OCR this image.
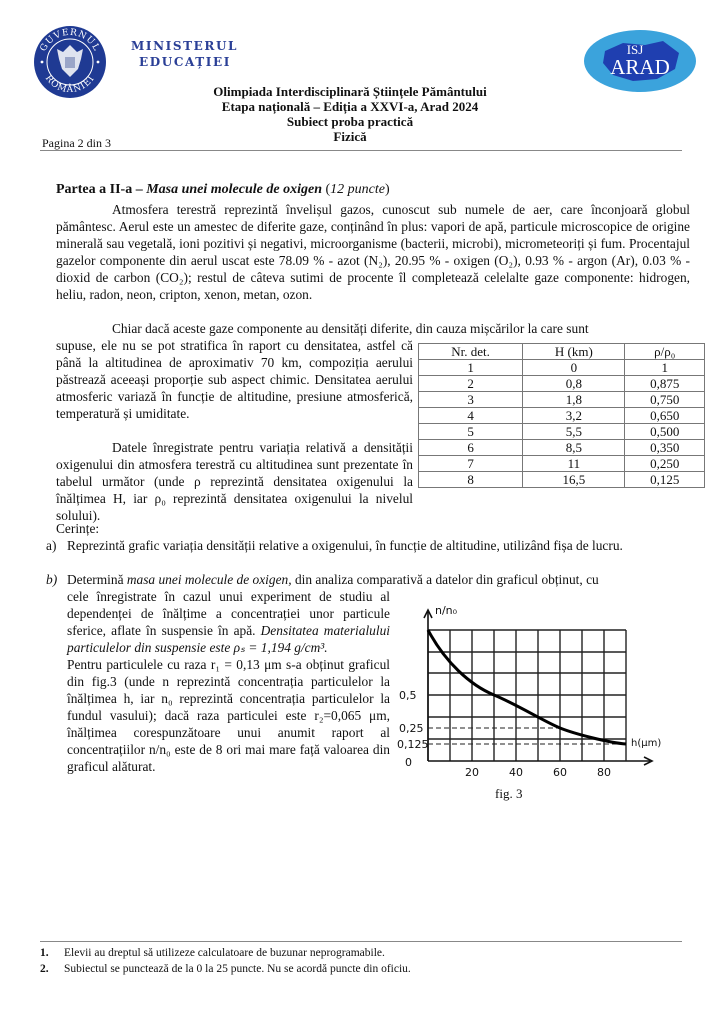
GUVERNUL
ROMÂNIEI
MINISTERUL
EDUCAȚIEI
ISJ
ARAD
Olimpiada Interdisciplinară Științele Pământului
Etapa națională – Ediția a XXVI-a, Arad 2024
Subiect proba practică
Fizică
Pagina 2 din 3
Partea a II-a – Masa unei molecule de oxigen (12 puncte)
Atmosfera terestră reprezintă învelișul gazos, cunoscut sub numele de aer, care înconjoară globul pământesc. Aerul este un amestec de diferite gaze, conținând în plus: vapori de apă, particule microscopice de origine minerală sau vegetală, ioni pozitivi și negativi, microorganisme (bacterii, microbi), micrometeoriți și fum. Procentajul gazelor componente din aerul uscat este 78.09 % - azot (N₂), 20.95 % - oxigen (O₂), 0.93 % - argon (Ar), 0.03 % - dioxid de carbon (CO₂); restul de câteva sutimi de procente îl completează celelalte gaze componente: hidrogen, heliu, radon, neon, cripton, xenon, metan, ozon.
Chiar dacă aceste gaze componente au densități diferite, din cauza mișcărilor la care sunt
supuse, ele nu se pot stratifica în raport cu densitatea, astfel că până la altitudinea de aproximativ 70 km, compoziția aerului păstrează aceeași proporție sub aspect chimic. Densitatea aerului atmosferic variază în funcție de altitudine, presiune atmosferică, temperatură și umiditate.
Datele înregistrate pentru variația relativă a densității oxigenului din atmosfera terestră cu altitudinea sunt prezentate în tabelul următor (unde ρ reprezintă densitatea oxigenului la înălțimea H, iar ρ₀ reprezintă densitatea oxigenului la nivelul solului).
Nr. det.	H (km)	ρ/ρ₀
1	0	1
2	0,8	0,875
3	1,8	0,750
4	3,2	0,650
5	5,5	0,500
6	8,5	0,350
7	11	0,250
8	16,5	0,125
Cerințe:
a) Reprezintă grafic variația densității relative a oxigenului, în funcție de altitudine, utilizând fișa de lucru.
b) Determină masa unei molecule de oxigen, din analiza comparativă a datelor din graficul obținut, cu
cele înregistrate în cazul unui experiment de studiu al dependenței de înălțime a concentrației unor particule sferice, aflate în suspensie în apă. Densitatea materialului particulelor din suspensie este ρₛ = 1,194 g/cm³.
Pentru particulele cu raza r₁ = 0,13 μm s-a obținut graficul din fig.3 (unde n reprezintă concentrația particulelor la înălțimea h, iar n₀ reprezintă concentrația particulelor la fundul vasului); dacă raza particulei este r₂=0,065 μm, înălțimea corespunzătoare unui anumit raport al concentrațiilor n/n₀ este de 8 ori mai mare față valoarea din graficul alăturat.
n/n₀
h(μm)
0,5
0,25
0,125
0
20	40	60	80
fig. 3
1. Elevii au dreptul să utilizeze calculatoare de buzunar neprogramabile.
2. Subiectul se punctează de la 0 la 25 puncte. Nu se acordă puncte din oficiu.
